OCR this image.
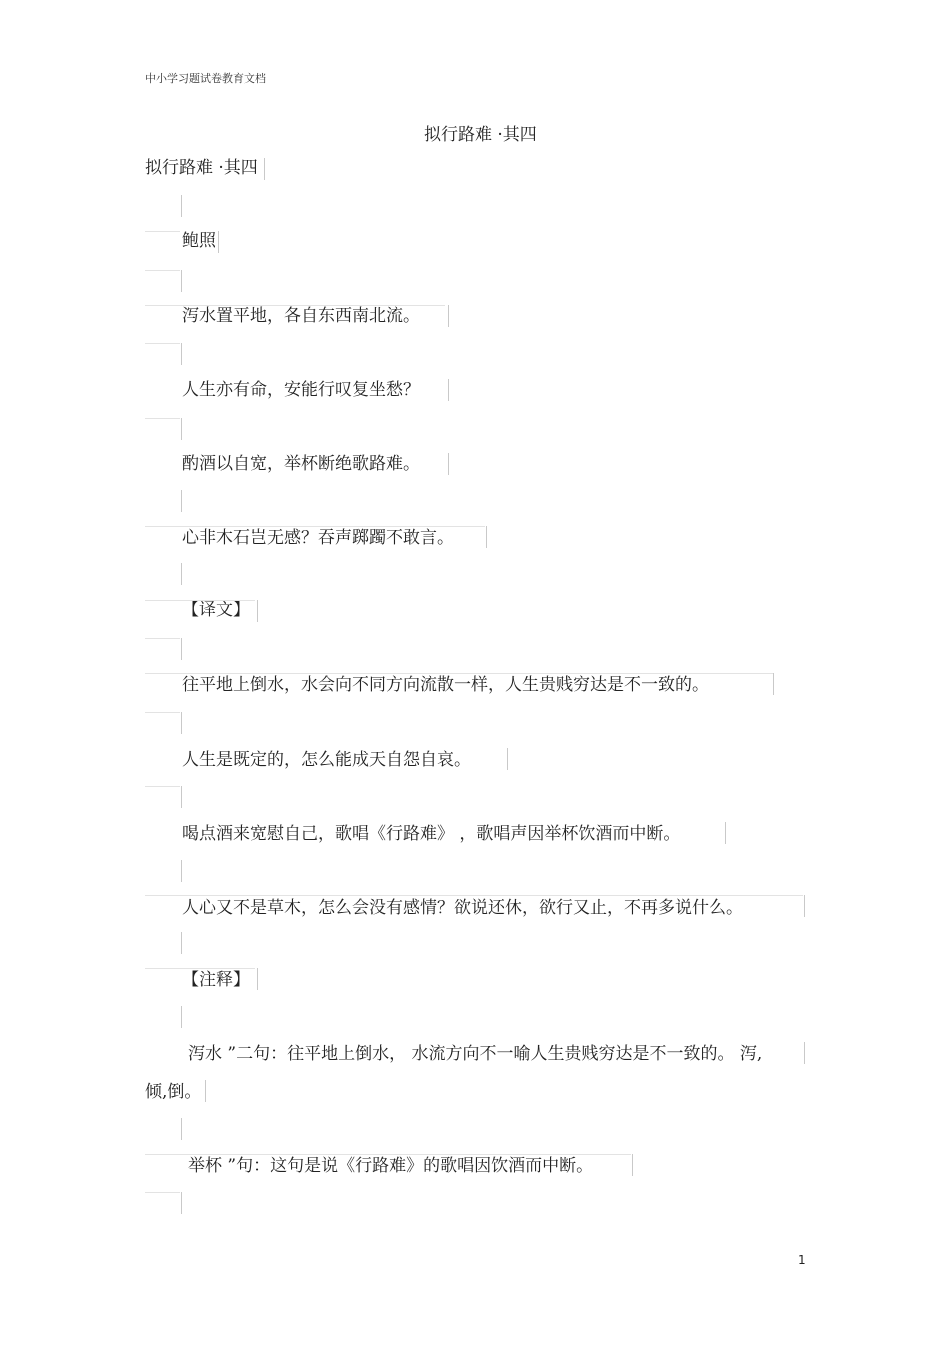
中小学习题试卷教育文档
拟行路难 ·其四
拟行路难 ·其四
鲍照
泻水置平地，各自东西南北流。
人生亦有命，安能行叹复坐愁？
酌酒以自宽，举杯断绝歌路难。
心非木石岂无感？吞声踯躅不敢言。
【译文】
往平地上倒水，水会向不同方向流散一样，人生贵贱穷达是不一致的。
人生是既定的，怎么能成天自怨自哀。
喝点酒来宽慰自己，歌唱《行路难》 ，歌唱声因举杯饮酒而中断。
人心又不是草木，怎么会没有感情？欲说还休，欲行又止，不再多说什么。
【注释】
泻水 ”二句：往平地上倒水， 水流方向不一喻人生贵贱穷达是不一致的。 泻,
倾,倒。
举杯 ”句：这句是说《行路难》的歌唱因饮酒而中断。
1
